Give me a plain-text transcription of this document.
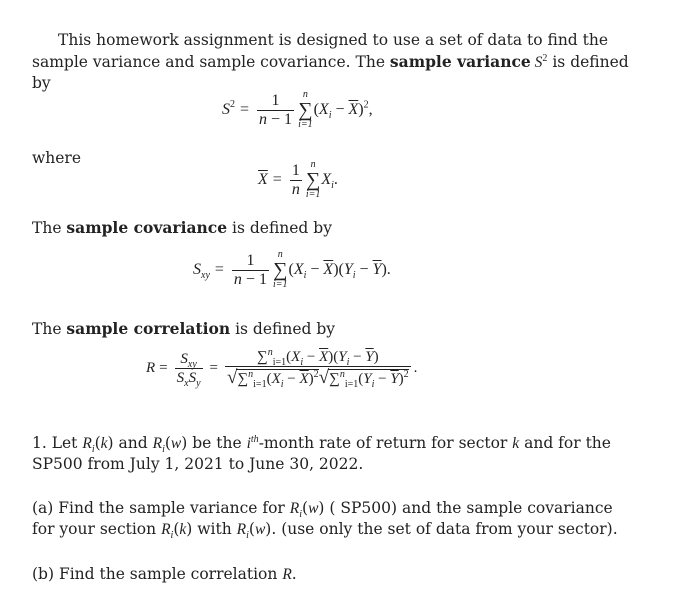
This homework assignment is designed to use a set of data to find the sample variance and sample covariance. The sample variance $S^2$ is defined by
S $2 = \frac{1}{n - 1}$ n
∑
i=1
$(X_i - \overline{X})^2$,
where
$\overline{X} = \frac{1}{n}$ n
∑
i=1
$X_i$ .
The sample covariance is defined by
$S_{xy} = \frac{1}{n - 1}$ n
∑
i=1
$(X_i - \overline{X})(Y_i - \overline{Y})$.
The sample correlation is defined by
$R = \frac{S_{xy}}{S_xS_y} = \frac{\sum^n_{i=1}(X_i - \overline{X})(Y_i - \overline{Y})}{√\sum^n_{i=1}(X_i - \overline{X})^2√\sum^n_{i=1}(Y_i - \overline{Y})^2}$ .
1. Let $R_i(k)$ and $R_i(w)$ be the $i^{th}$-month rate of return for sector k and for the SP500 from July 1, 2021 to June 30, 2022.
(a) Find the sample variance for $R_i(w)$ ( SP500) and the sample covariance for your section $R_i(k)$ with $R_i(w)$. (use only the set of data from your sector).
(b) Find the sample correlation R.
